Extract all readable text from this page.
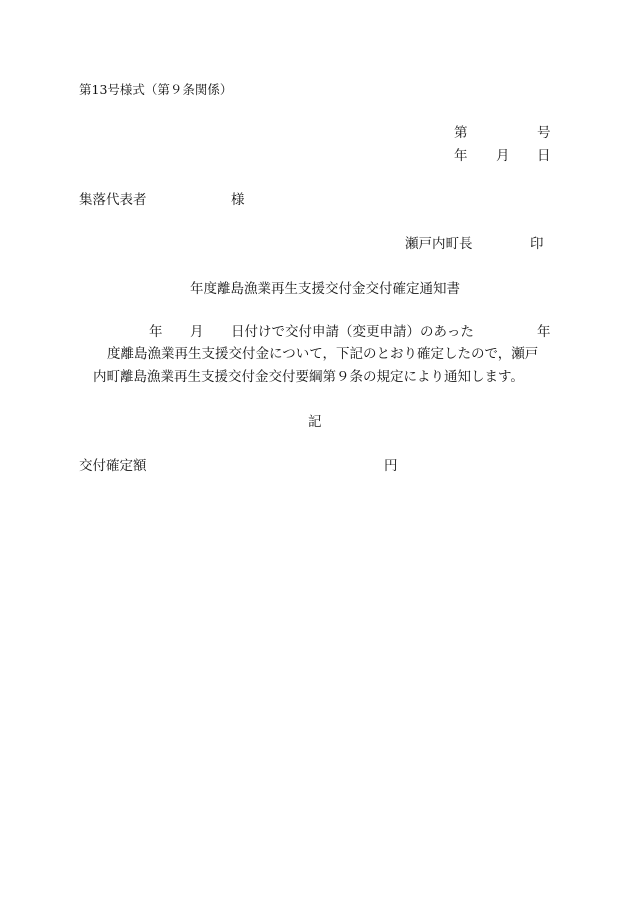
第13号様式（第９条関係）
第	号
年 月 日
集落代表者	様
瀬戸内町長	印
年度離島漁業再生支援交付金交付確定通知書
年 月 日付けで交付申請（変更申請）のあった	年
度離島漁業再生支援交付金について，下記のとおり確定したので，瀬戸
内町離島漁業再生支援交付金交付要綱第９条の規定により通知します。
記
交付確定額	円
